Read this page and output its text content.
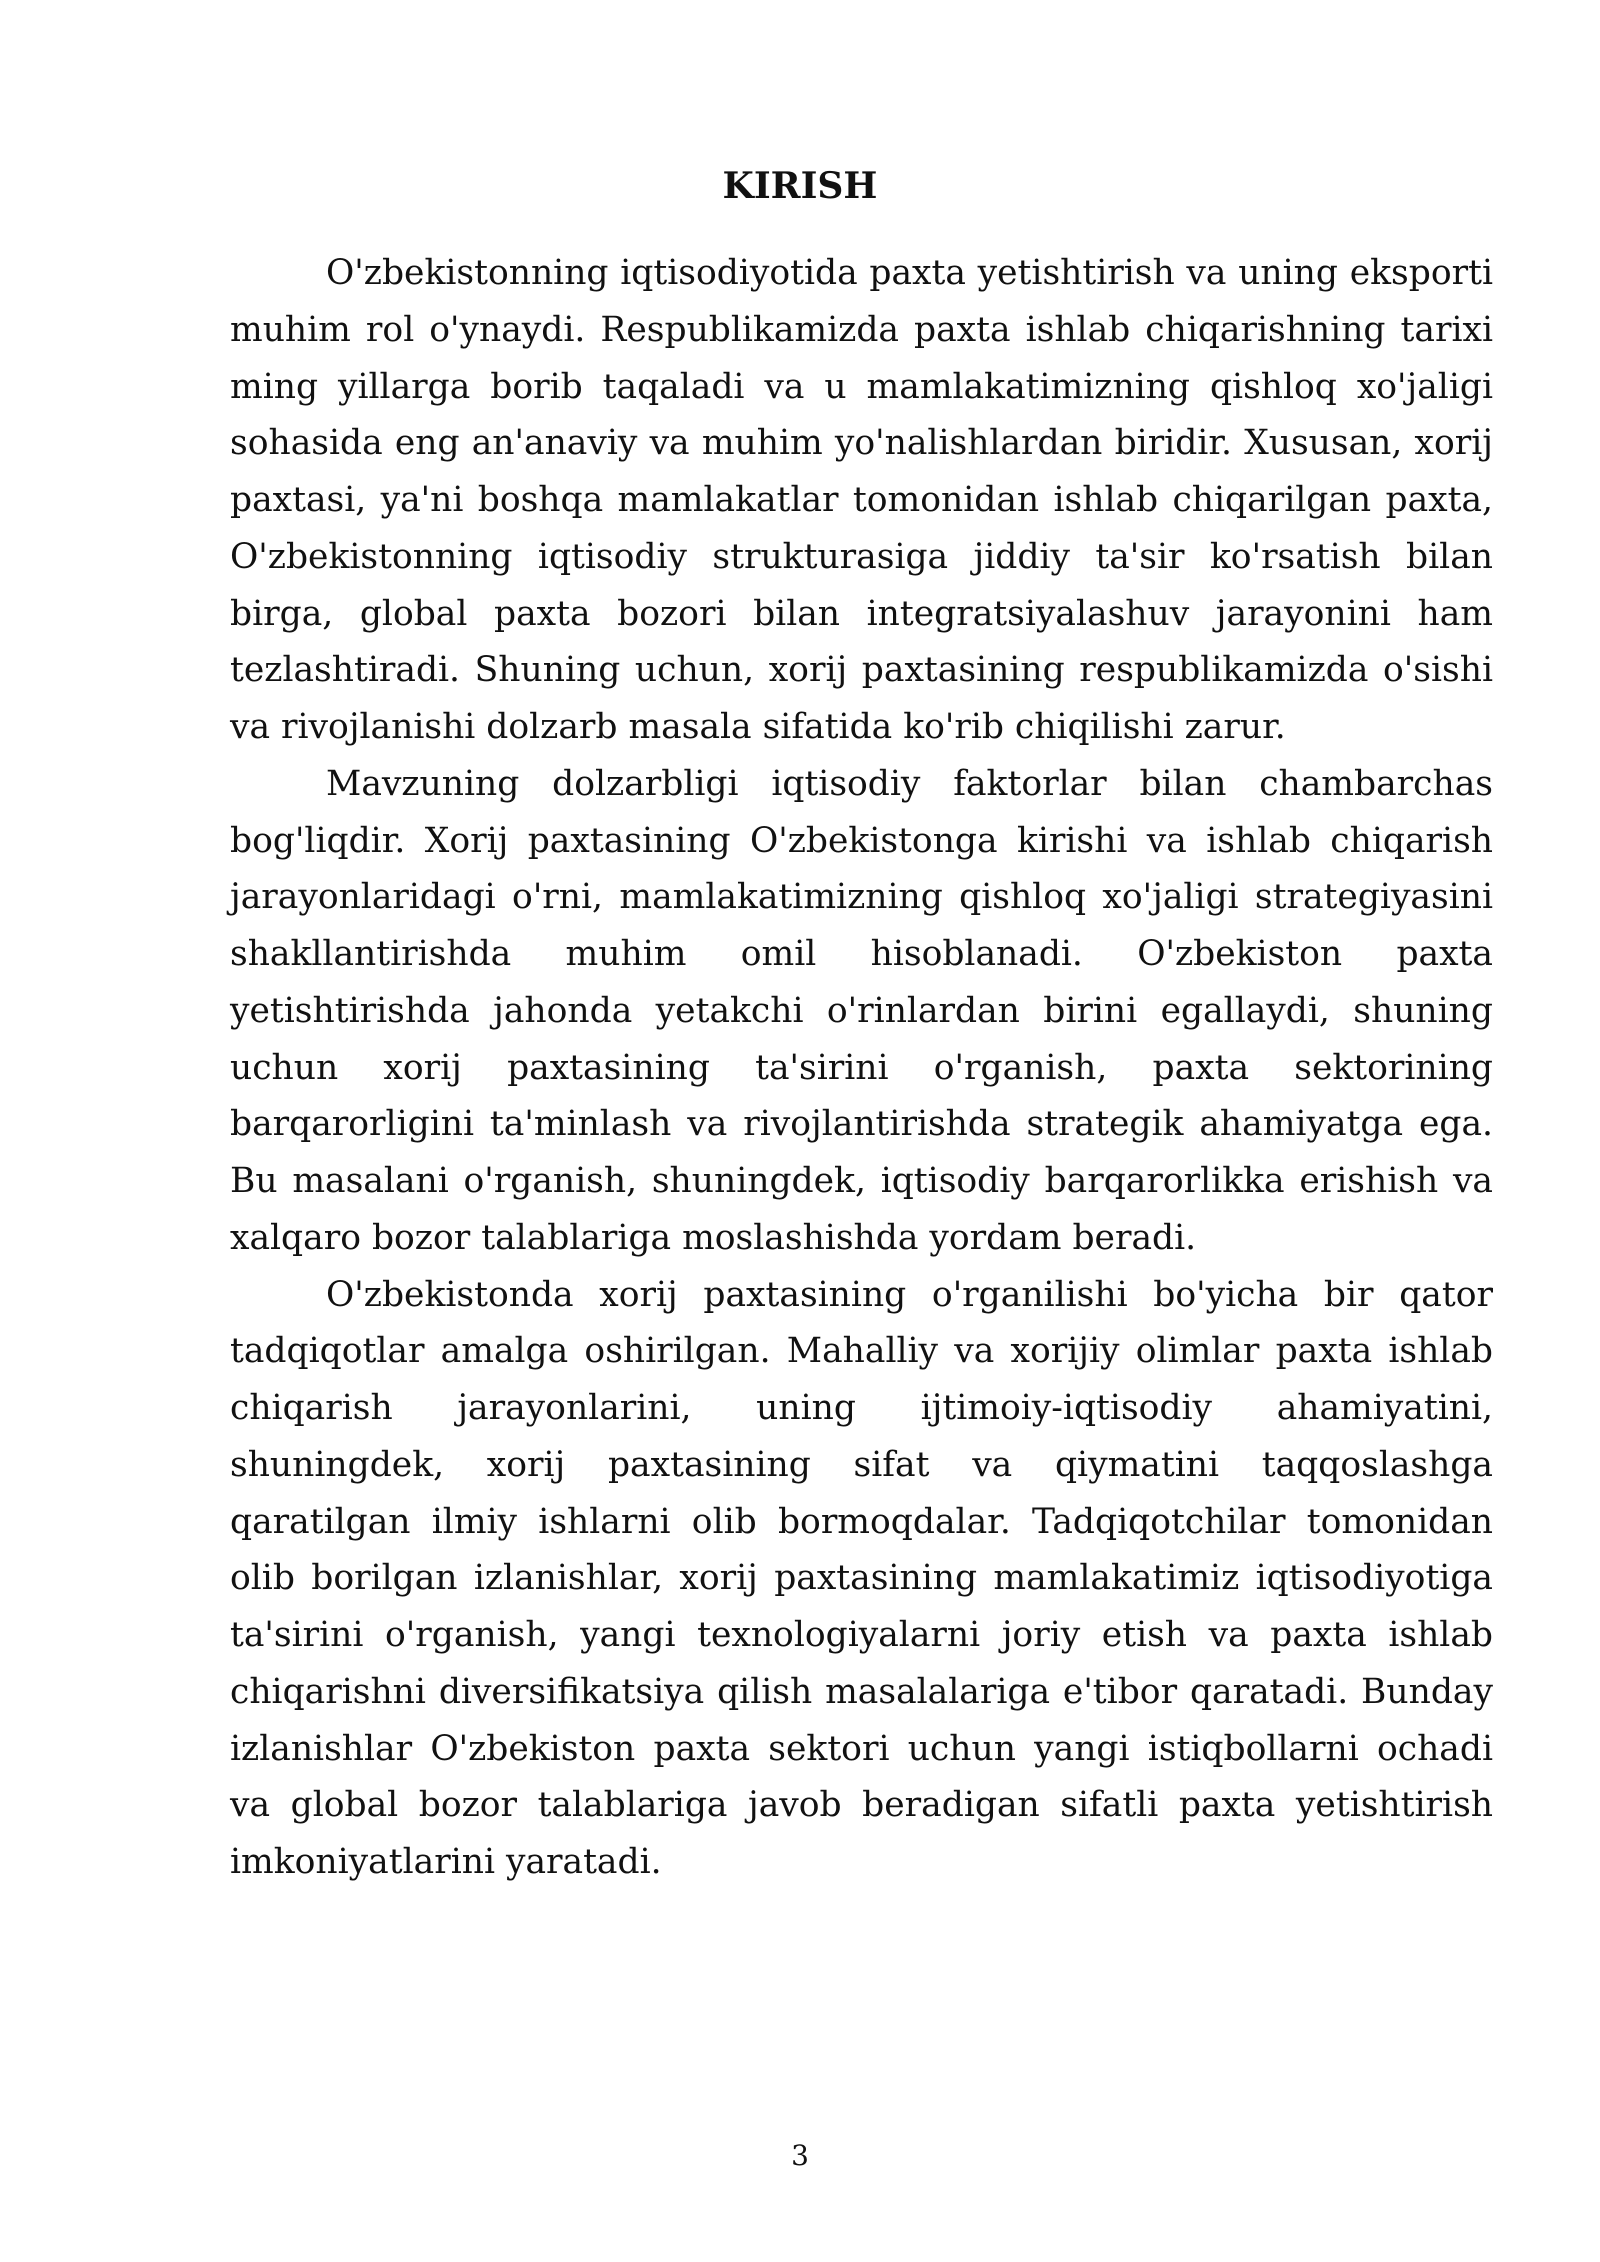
KIRISH

O'zbekistonning iqtisodiyotida paxta yetishtirish va uning eksporti muhim rol o'ynaydi. Respublikamizda paxta ishlab chiqarishning tarixi ming yillarga borib taqaladi va u mamlakatimizning qishloq xo'jaligi sohasida eng an'anaviy va muhim yo'nalishlardan biridir. Xususan, xorij paxtasi, ya'ni boshqa mamlakatlar tomonidan ishlab chiqarilgan paxta, O'zbekistonning iqtisodiy strukturasiga jiddiy ta'sir ko'rsatish bilan birga, global paxta bozori bilan integratsiyalashuv jarayonini ham tezlashtiradi. Shuning uchun, xorij paxtasining respublikamizda o'sishi va rivojlanishi dolzarb masala sifatida ko'rib chiqilishi zarur.

Mavzuning dolzarbligi iqtisodiy faktorlar bilan chambarchas bog'liqdir. Xorij paxtasining O'zbekistonga kirishi va ishlab chiqarish jarayonlaridagi o'rni, mamlakatimizning qishloq xo'jaligi strategiyasini shakllantirishda muhim omil hisoblanadi. O'zbekiston paxta yetishtirishda jahonda yetakchi o'rinlardan birini egallaydi, shuning uchun xorij paxtasining ta'sirini o'rganish, paxta sektorining barqarorligini ta'minlash va rivojlantirishda strategik ahamiyatga ega. Bu masalani o'rganish, shuningdek, iqtisodiy barqarorlikka erishish va xalqaro bozor talablariga moslashishda yordam beradi.

O'zbekistonda xorij paxtasining o'rganilishi bo'yicha bir qator tadqiqotlar amalga oshirilgan. Mahalliy va xorijiy olimlar paxta ishlab chiqarish jarayonlarini, uning ijtimoiy-iqtisodiy ahamiyatini, shuningdek, xorij paxtasining sifat va qiymatini taqqoslashga qaratilgan ilmiy ishlarni olib bormoqdalar. Tadqiqotchilar tomonidan olib borilgan izlanishlar, xorij paxtasining mamlakatimiz iqtisodiyotiga ta'sirini o'rganish, yangi texnologiyalarni joriy etish va paxta ishlab chiqarishni diversifikatsiya qilish masalalariga e'tibor qaratadi. Bunday izlanishlar O'zbekiston paxta sektori uchun yangi istiqbollarni ochadi va global bozor talablariga javob beradigan sifatli paxta yetishtirish imkoniyatlarini yaratadi.

3
